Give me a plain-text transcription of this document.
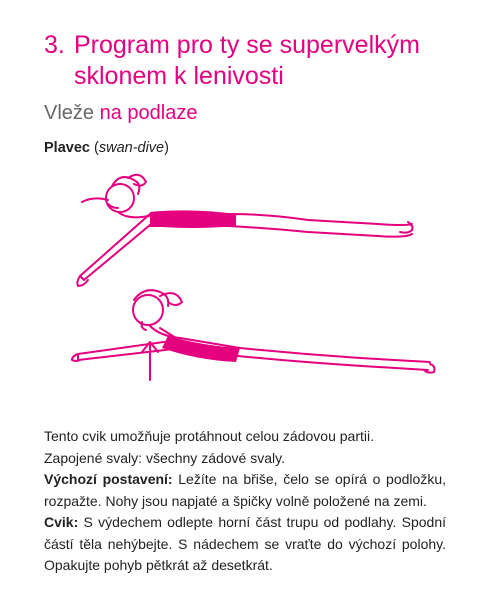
3. Program pro ty se supervelkým sklonem k lenivosti
Vleže na podlaze
Plavec (swan-dive)

Tento cvik umožňuje protáhnout celou zádovou partii.

Zapojené svaly: všechny zádové svaly.

Výchozí postavení: Ležíte na břiše, čelo se opírá o podložku, rozpažte. Nohy jsou napjaté a špičky volně položené na zemi.

Cvik: S výdechem odlepte horní část trupu od podlahy. Spodní částí těla nehýbejte. S nádechem se vraťte do výchozí polohy. Opakujte pohyb pětkrát až desetkrát.
